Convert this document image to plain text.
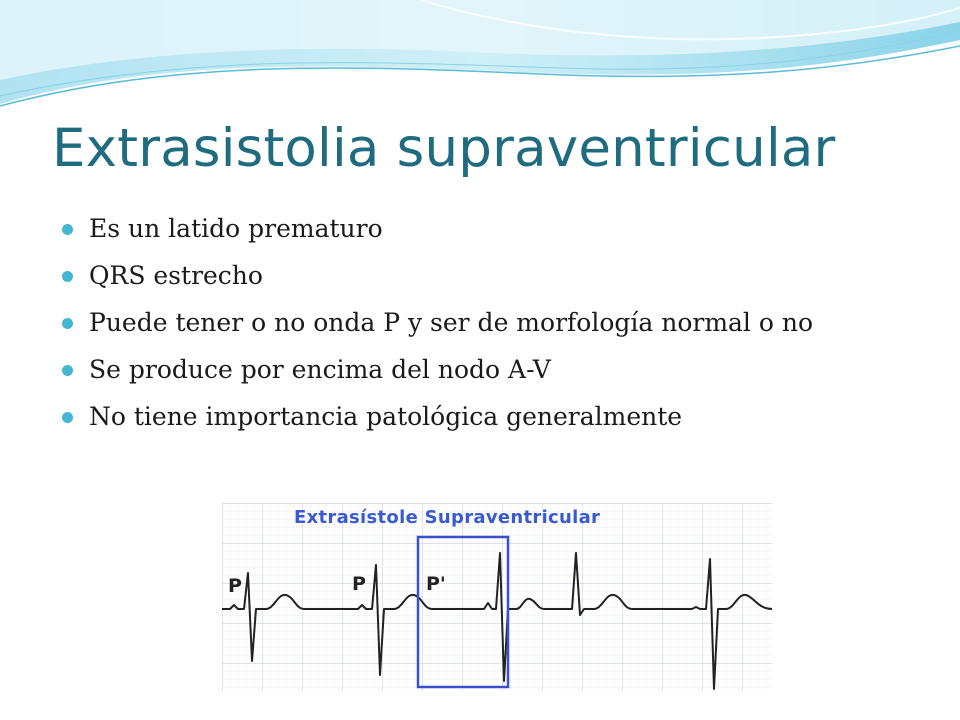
Extrasistolia supraventricular
Es un latido prematuro
QRS estrecho
Puede tener o no onda P y ser de morfología normal o no
Se produce por encima del nodo A-V
No tiene importancia patológica generalmente
Extrasístole Supraventricular
P	P	P'
